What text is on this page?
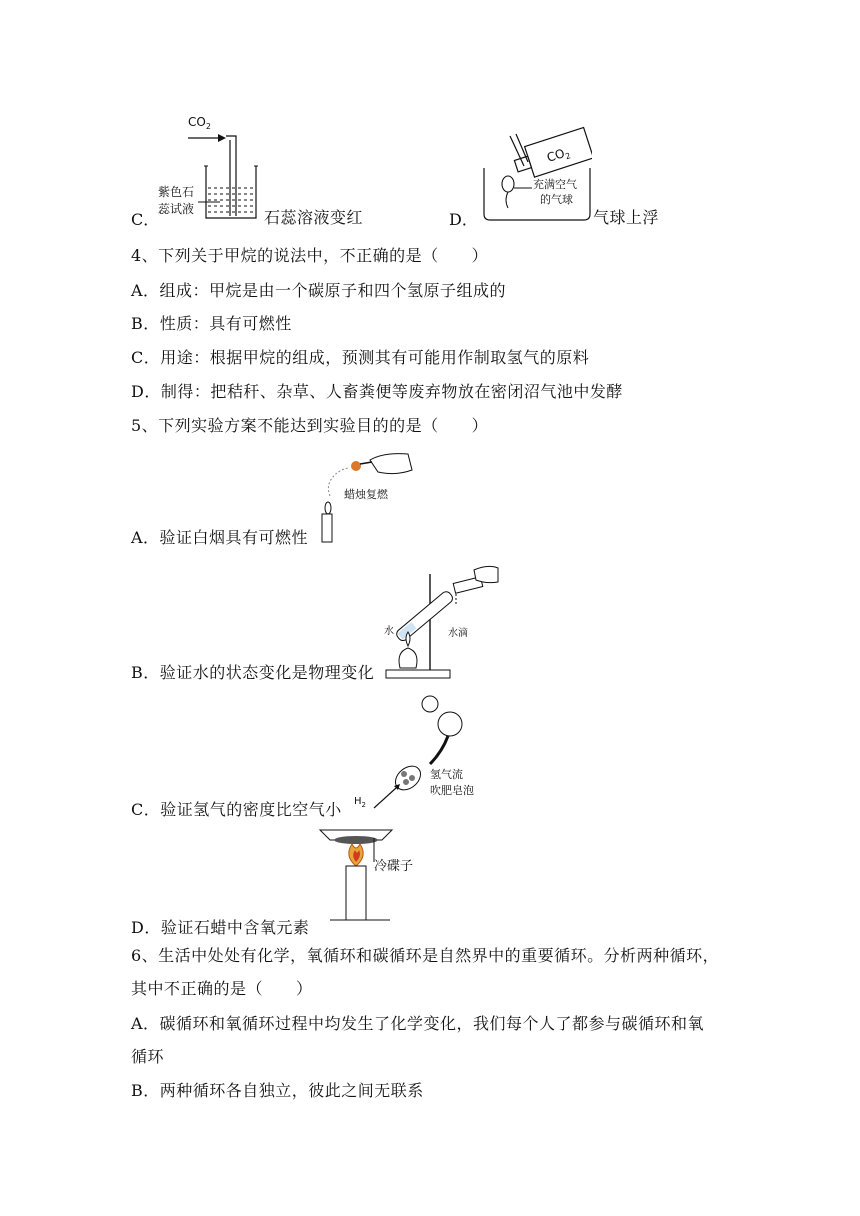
C．
$CO_2$
紫色石
蕊试液	石蕊溶液变红	D．
$CO_2$
充满空气
的气球
气球上浮
4、下列关于甲烷的说法中，不正确的是（　　）
A．组成：甲烷是由一个碳原子和四个氢原子组成的
B．性质：具有可燃性
C．用途：根据甲烷的组成，预测其有可能用作制取氢气的原料
D．制得：把秸秆、杂草、人畜粪便等废弃物放在密闭沼气池中发酵
5、下列实验方案不能达到实验目的的是（　　）
A．验证白烟具有可燃性
蜡烛复燃
B．验证水的状态变化是物理变化
水滴
水
C．验证氢气的密度比空气小 $H_2$
氢气流
吹肥皂泡
D．验证石蜡中含氧元素
冷碟子
6、生活中处处有化学，氧循环和碳循环是自然界中的重要循环。分析两种循环，
其中不正确的是（　　）
A．碳循环和氧循环过程中均发生了化学变化，我们每个人了都参与碳循环和氧
循环
B．两种循环各自独立，彼此之间无联系
